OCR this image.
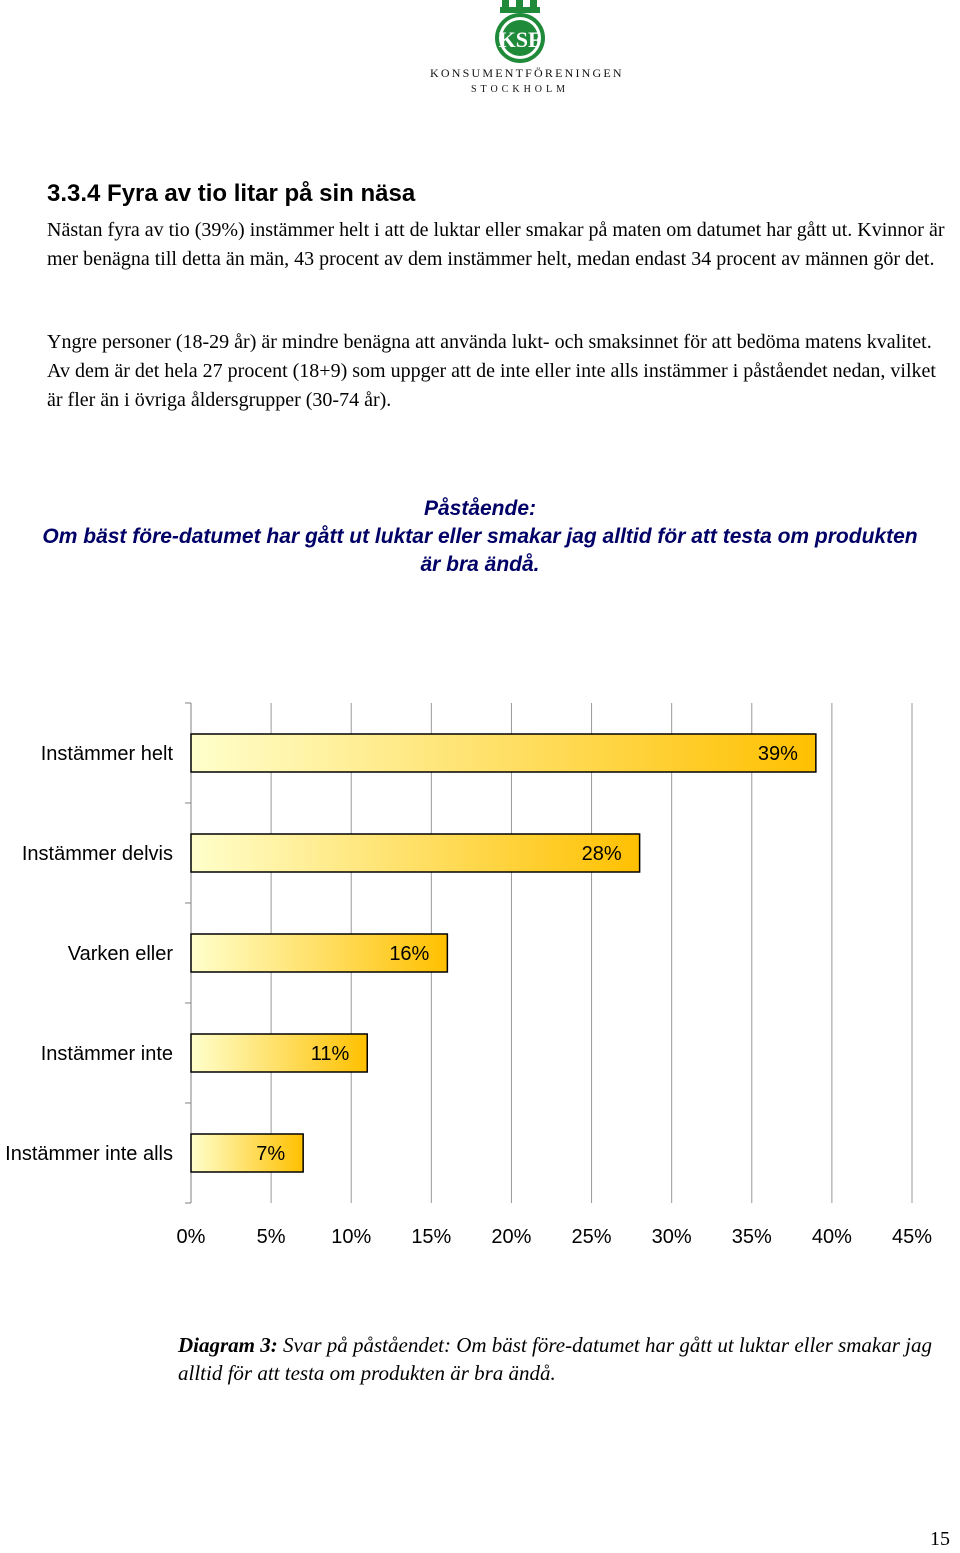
KSF
KONSUMENTFÖRENINGEN
STOCKHOLM
3.3.4 Fyra av tio litar på sin näsa

Nästan fyra av tio (39%) instämmer helt i att de luktar eller smakar på maten om datumet har gått ut. Kvinnor är mer benägna till detta än män, 43 procent av dem instämmer helt, medan endast 34 procent av männen gör det.

Yngre personer (18-29 år) är mindre benägna att använda lukt- och smaksinnet för att bedöma matens kvalitet. Av dem är det hela 27 procent (18+9) som uppger att de inte eller inte alls instämmer i påståendet nedan, vilket är fler än i övriga åldersgrupper (30-74 år).

Påstående:
Om bäst före-datumet har gått ut luktar eller smakar jag alltid för att testa om produkten är bra ändå.
0%	5% 10% 15% 20% 25% 30% 35% 40% 45%
Instämmer helt	39%
Instämmer delvis	28%
Varken eller	16%
Instämmer inte	11%
Instämmer inte alls	7%

Diagram 3: Svar på påståendet: Om bäst före-datumet har gått ut luktar eller smakar jag alltid för att testa om produkten är bra ändå.

15
